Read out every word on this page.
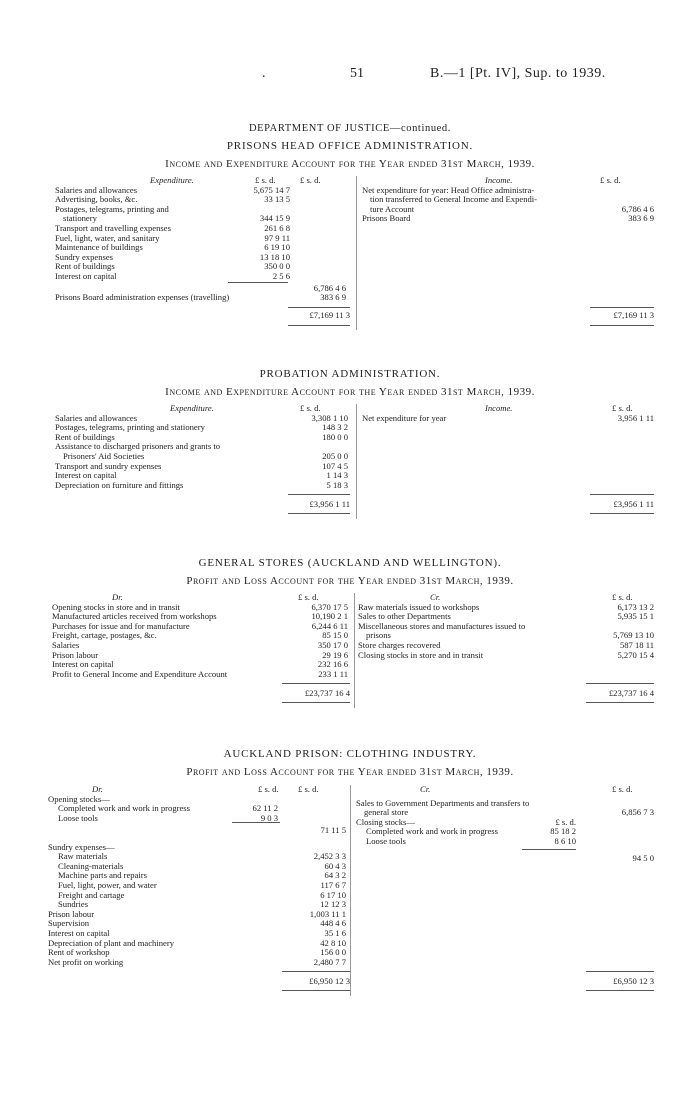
.	51	B.—1 [Pt. IV], Sup. to 1939.
DEPARTMENT OF JUSTICE—continued.
PRISONS HEAD OFFICE ADMINISTRATION.
Income and Expenditure Account for the Year ended 31st March, 1939.
Expenditure.	£ s. d.	£ s. d.	Income.	£ s. d.
Salaries and allowances	5,675 14 7
Advertising, books, &c.	33 13 5
Postages, telegrams, printing and
stationery	344 15 9
Transport and travelling expenses	261 6 8
Fuel, light, water, and sanitary	97 9 11
Maintenance of buildings	6 19 10
Sundry expenses	13 18 10
Rent of buildings	350 0 0
Interest on capital	2 5 6
6,786 4 6
Prisons Board administration expenses (travelling)	383 6 9
£7,169 11 3
Net expenditure for year: Head Office administra-
tion transferred to General Income and Expendi-
ture Account	6,786 4 6
Prisons Board	383 6 9
£7,169 11 3
PROBATION ADMINISTRATION.
Income and Expenditure Account for the Year ended 31st March, 1939.
Expenditure.	£ s. d.	Income.	£ s. d.
Salaries and allowances	3,308 1 10
Postages, telegrams, printing and stationery	148 3 2
Rent of buildings	180 0 0
Assistance to discharged prisoners and grants to
Prisoners' Aid Societies	205 0 0
Transport and sundry expenses	107 4 5
Interest on capital	1 14 3
Depreciation on furniture and fittings	5 18 3
£3,956 1 11
Net expenditure for year	3,956 1 11
£3,956 1 11
GENERAL STORES (AUCKLAND AND WELLINGTON).
Profit and Loss Account for the Year ended 31st March, 1939.
Dr.	£ s. d.	Cr.	£ s. d.
Opening stocks in store and in transit	6,370 17 5
Manufactured articles received from workshops	10,190 2 1
Purchases for issue and for manufacture	6,244 6 11
Freight, cartage, postages, &c.	85 15 0
Salaries	350 17 0
Prison labour	29 19 6
Interest on capital	232 16 6
Profit to General Income and Expenditure Account	233 1 11
£23,737 16 4
Raw materials issued to workshops	6,173 13 2
Sales to other Departments	5,935 15 1
Miscellaneous stores and manufactures issued to
prisons	5,769 13 10
Store charges recovered	587 18 11
Closing stocks in store and in transit	5,270 15 4
£23,737 16 4
AUCKLAND PRISON: CLOTHING INDUSTRY.
Profit and Loss Account for the Year ended 31st March, 1939.
Dr.	£ s. d. £ s. d.	Cr.	£ s. d.
Opening stocks—
Completed work and work in progress	62 11 2
Loose tools	9 0 3
71 11 5
Sundry expenses—
Raw materials	2,452 3 3
Cleaning-materials	60 4 3
Machine parts and repairs	64 3 2
Fuel, light, power, and water	117 6 7
Freight and cartage	6 17 10
Sundries	12 12 3
Prison labour	1,003 11 1
Supervision	448 4 6
Interest on capital	35 1 6
Depreciation of plant and machinery	42 8 10
Rent of workshop	156 0 0
Net profit on working	2,480 7 7
£6,950 12 3
Sales to Government Departments and transfers to
general store	6,856 7 3
Closing stocks—	£ s. d.
Completed work and work in progress	85 18 2
Loose tools	8 6 10
94 5 0
£6,950 12 3
